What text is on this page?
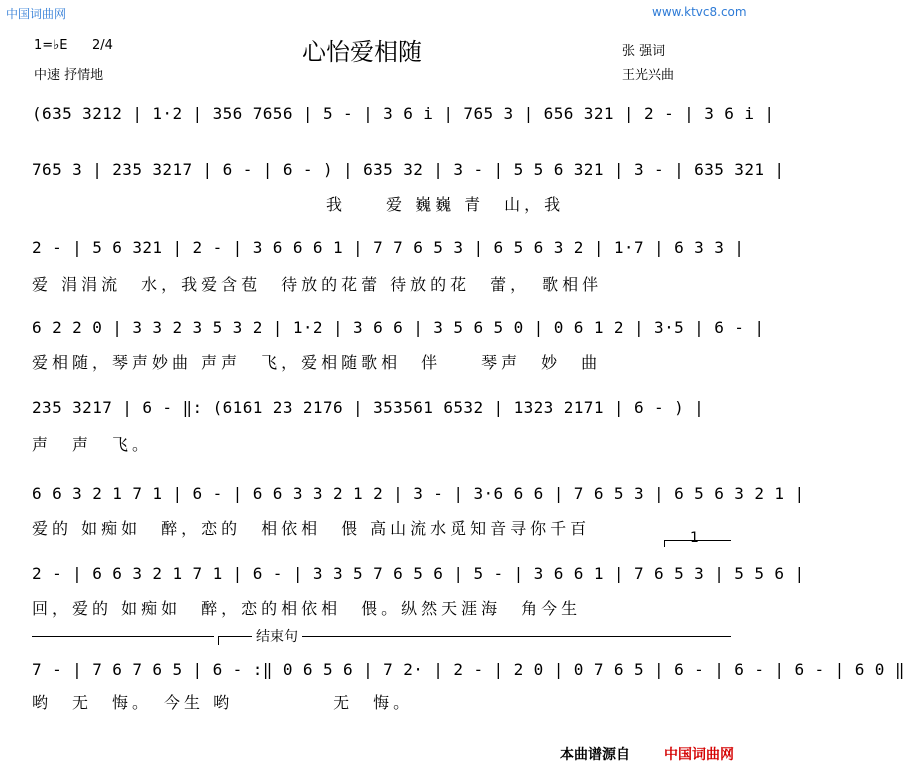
中国词曲网	www.ktvc8.com
心怡爱相随
1=♭E 2/4
中速 抒情地
张 强词
王光兴曲
(635 3212 | 1·2 | 356 7656 | 5 - | 3 6 i | 765 3 | 656 321 | 2 - | 3 6 i |
765 3 | 235 3217 | 6 - | 6 - ) | 635 32 | 3 - | 5 5 6 321 | 3 - | 635 321 |
我　　爱 巍巍 青　山，我
2 - | 5 6 321 | 2 - | 3 6 6 6 1 | 7 7 6 5 3 | 6 5 6 3 2 | 1·7 | 6 3 3 |
爱 涓涓流　水，我爱含苞　待放的花蕾 待放的花　蕾，　歌相伴
6 2 2 0 | 3 3 2 3 5 3 2 | 1·2 | 3 6 6 | 3 5 6 5 0 | 0 6 1 2 | 3·5 | 6 - |
爱相随，琴声妙曲 声声　飞，爱相随歌相　伴　　琴声　妙　曲
235 3217 | 6 - ‖: (6161 23 2176 | 353561 6532 | 1323 2171 | 6 - ) |
声　声　飞。
6 6 3 2 1 7 1 | 6 - | 6 6 3 3 2 1 2 | 3 - | 3·6 6 6 | 7 6 5 3 | 6 5 6 3 2 1 |
爱的 如痴如　醉，恋的　相依相　偎 高山流水觅知音寻你千百	1
2 - | 6 6 3 2 1 7 1 | 6 - | 3 3 5 7 6 5 6 | 5 - | 3 6 6 1 | 7 6 5 3 | 5 5 6 |
回，爱的 如痴如　醉，恋的相依相　偎。纵然天涯海　角今生
结束句
7 - | 7 6 7 6 5 | 6 - :‖ 0 6 5 6 | 7 2· | 2 - | 2 0 | 0 7 6 5 | 6 - | 6 - | 6 - | 6 0 ‖
哟　无　悔。　今生 哟　　　　　无　悔。
本曲谱源自 中国词曲网
